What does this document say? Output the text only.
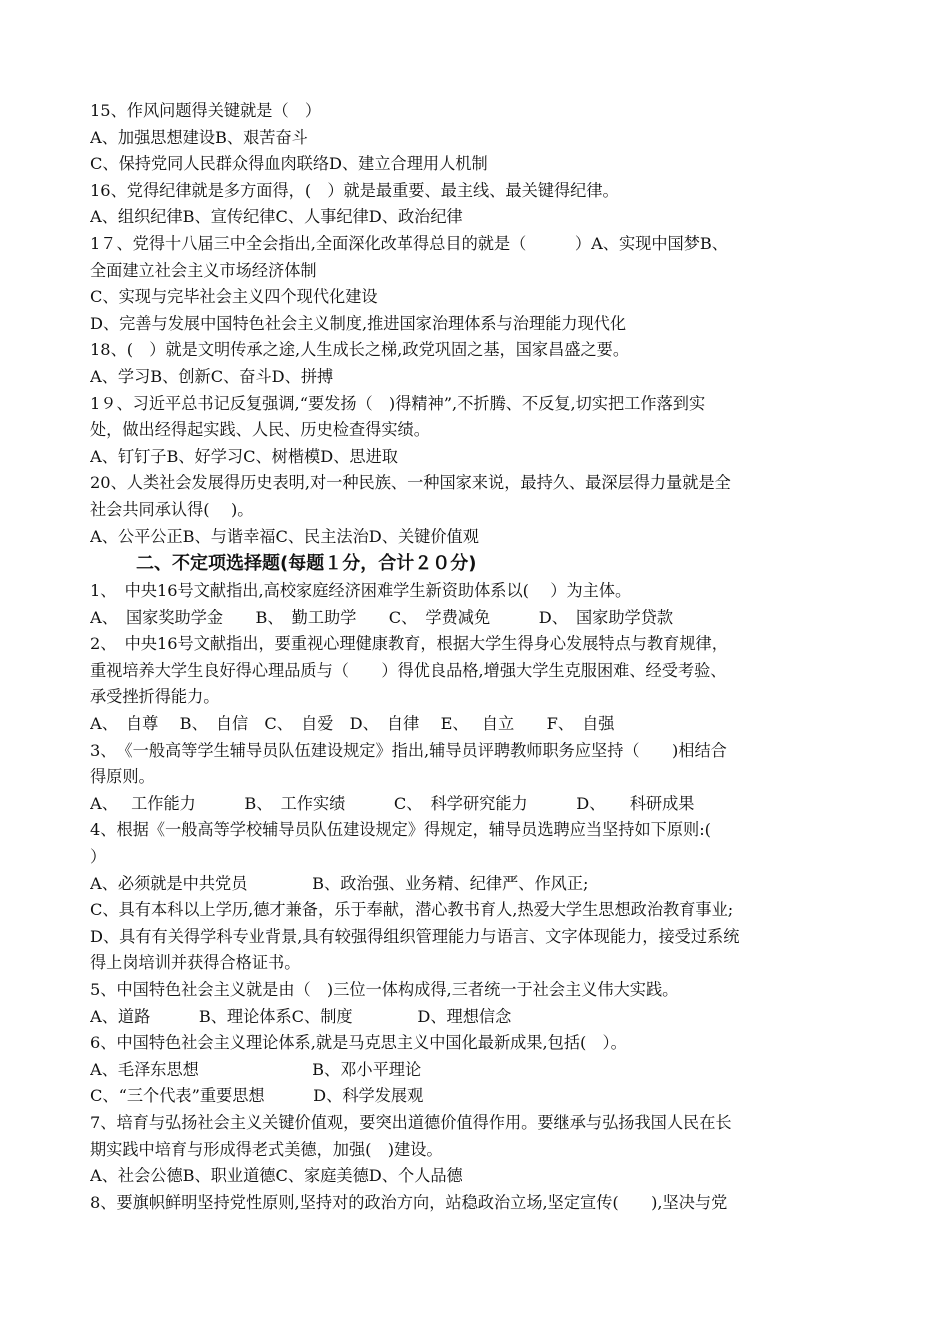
15、作风问题得关键就是（　）
A、加强思想建设B、艰苦奋斗
C、保持党同人民群众得血肉联络D、建立合理用人机制
16、党得纪律就是多方面得，(　）就是最重要、最主线、最关键得纪律。
A、组织纪律B、宣传纪律C、人事纪律D、政治纪律
1７、党得十八届三中全会指出,全面深化改革得总目的就是（　　　）A、实现中国梦B、
全面建立社会主义市场经济体制
C、实现与完毕社会主义四个现代化建设
D、完善与发展中国特色社会主义制度,推进国家治理体系与治理能力现代化
18、(　）就是文明传承之途,人生成长之梯,政党巩固之基，国家昌盛之要。
A、学习B、创新C、奋斗D、拼搏
1９、习近平总书记反复强调,“要发扬（　)得精神”,不折腾、不反复,切实把工作落到实
处，做出经得起实践、人民、历史检查得实绩。
A、钉钉子B、好学习C、树楷模D、思进取
20、人类社会发展得历史表明,对一种民族、一种国家来说，最持久、最深层得力量就是全
社会共同承认得(　 )。
A、公平公正B、与谐幸福C、民主法治D、关键价值观
二、不定项选择题(每题１分，合计２０分)
1、　中央16号文献指出,高校家庭经济困难学生新资助体系以(　 ）为主体。
A、　国家奖助学金　　B、　勤工助学　　C、　学费减免　　　D、　国家助学贷款
2、　中央16号文献指出，要重视心理健康教育，根据大学生得身心发展特点与教育规律，
重视培养大学生良好得心理品质与（　　）得优良品格,增强大学生克服困难、经受考验、
承受挫折得能力。
A、　自尊　 B、　自信　C、　自爱　D、　自律　 E、　 自立　　F、　自强
3、　《一般高等学生辅导员队伍建设规定》指出,辅导员评聘教师职务应坚持（　　)相结合
得原则。
A、　 工作能力　　　B、　工作实绩　　　C、　科学研究能力　　　D、　　科研成果
4、根据《一般高等学校辅导员队伍建设规定》得规定，辅导员选聘应当坚持如下原则:(
）
A、必须就是中共党员　　　　B、政治强、业务精、纪律严、作风正;
C、具有本科以上学历,德才兼备，乐于奉献，潜心教书育人,热爱大学生思想政治教育事业;
D、具有有关得学科专业背景,具有较强得组织管理能力与语言、文字体现能力，接受过系统
得上岗培训并获得合格证书。
5、中国特色社会主义就是由（　)三位一体构成得,三者统一于社会主义伟大实践。
A、道路　　　B、理论体系C、制度　　　　D、理想信念
6、中国特色社会主义理论体系,就是马克思主义中国化最新成果,包括(　）。
A、毛泽东思想　　　　　　　B、邓小平理论
C、“三个代表”重要思想　　　D、科学发展观
7、培育与弘扬社会主义关键价值观，要突出道德价值得作用。要继承与弘扬我国人民在长
期实践中培育与形成得老式美德，加强(　)建设。
A、社会公德B、职业道德C、家庭美德D、个人品德
8、要旗帜鲜明坚持党性原则,坚持对的政治方向，站稳政治立场,坚定宣传(　　),坚决与党
